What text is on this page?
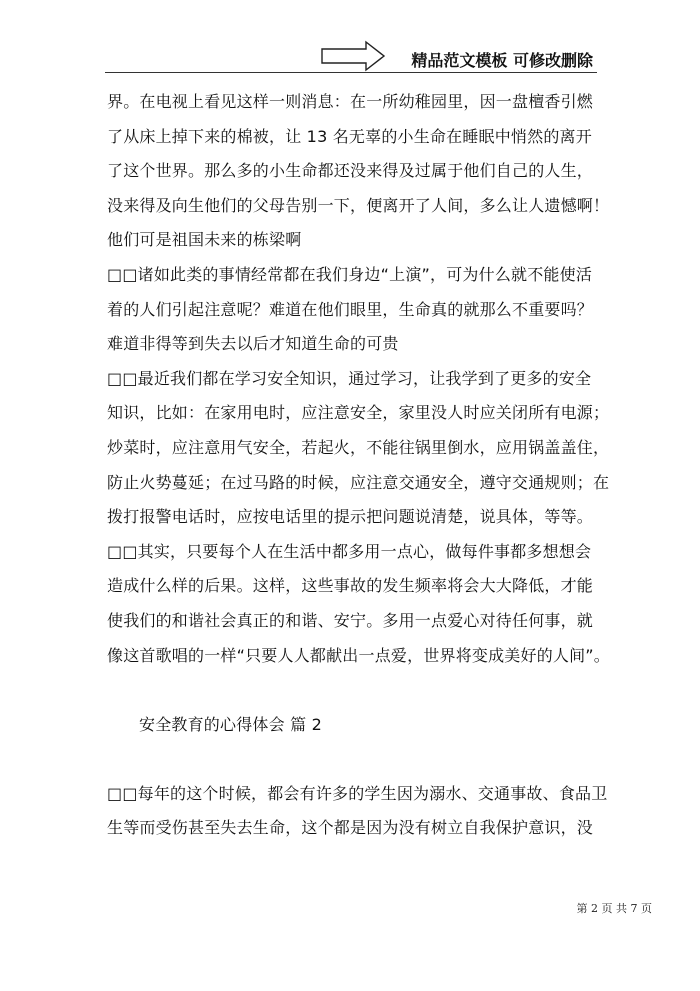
精品范文模板 可修改删除
界。在电视上看见这样一则消息：在一所幼稚园里，因一盘檀香引燃
了从床上掉下来的棉被，让 13 名无辜的小生命在睡眠中悄然的离开
了这个世界。那么多的小生命都还没来得及过属于他们自己的人生，
没来得及向生他们的父母告别一下，便离开了人间，多么让人遗憾啊！
他们可是祖国未来的栋梁啊
□□诸如此类的事情经常都在我们身边“上演”，可为什么就不能使活
着的人们引起注意呢？难道在他们眼里，生命真的就那么不重要吗？
难道非得等到失去以后才知道生命的可贵
□□最近我们都在学习安全知识，通过学习，让我学到了更多的安全
知识，比如：在家用电时，应注意安全，家里没人时应关闭所有电源；
炒菜时，应注意用气安全，若起火，不能往锅里倒水，应用锅盖盖住，
防止火势蔓延；在过马路的时候，应注意交通安全，遵守交通规则；在
拨打报警电话时，应按电话里的提示把问题说清楚，说具体，等等。
□□其实，只要每个人在生活中都多用一点心，做每件事都多想想会
造成什么样的后果。这样，这些事故的发生频率将会大大降低，才能
使我们的和谐社会真正的和谐、安宁。多用一点爱心对待任何事，就
像这首歌唱的一样“只要人人都献出一点爱，世界将变成美好的人间”。
安全教育的心得体会 篇 2
□□每年的这个时候，都会有许多的学生因为溺水、交通事故、食品卫
生等而受伤甚至失去生命，这个都是因为没有树立自我保护意识，没
第 2 页 共 7 页
